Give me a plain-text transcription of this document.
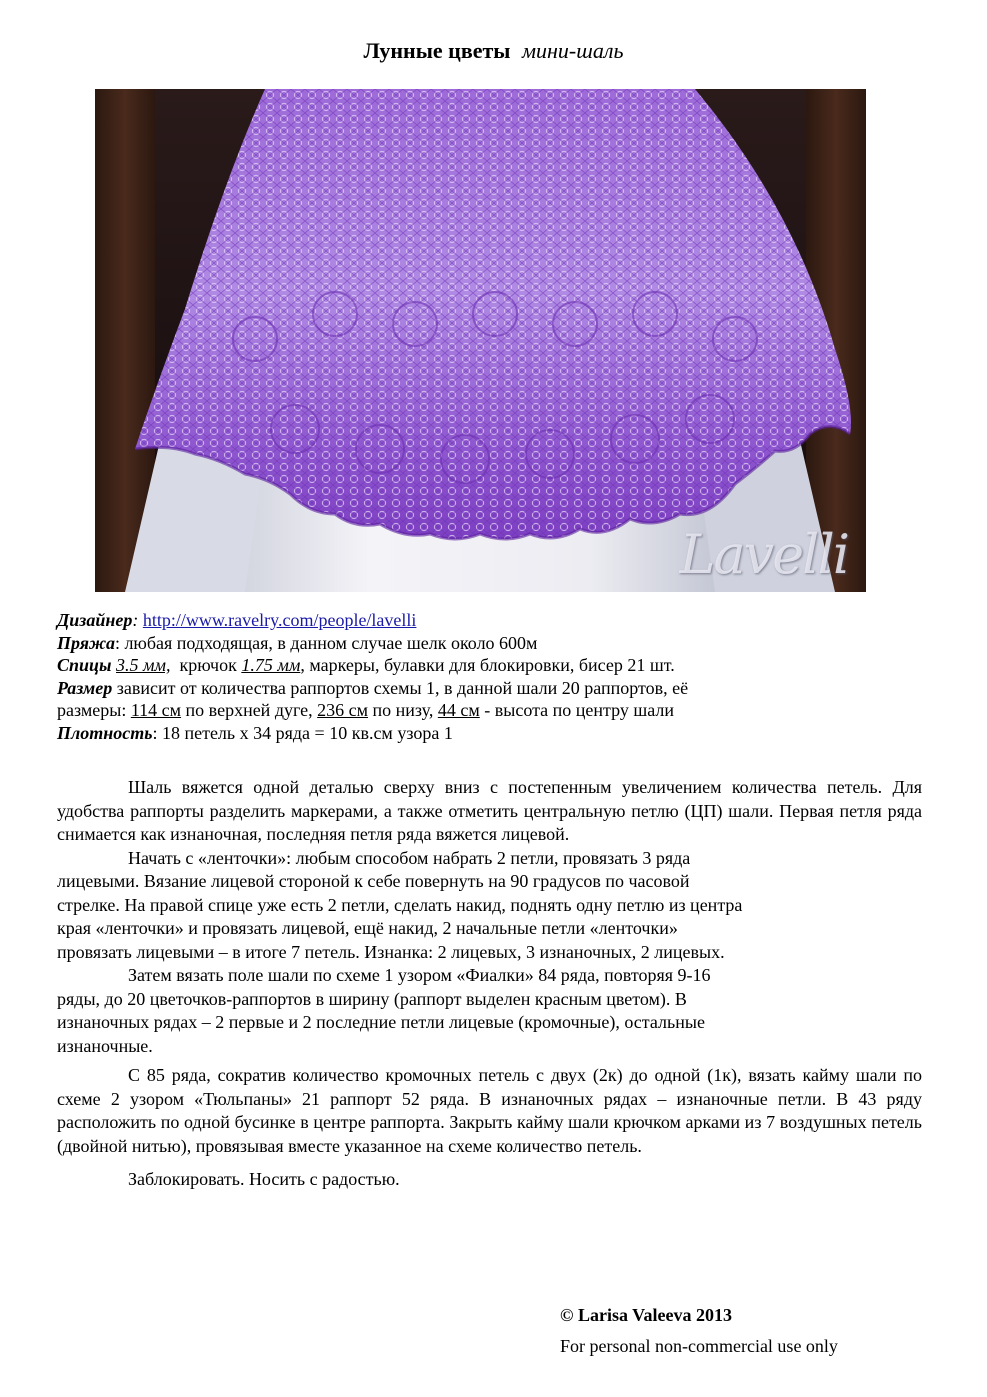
Лунные цветы мини-шаль
Lavelli
Дизайнер: http://www.ravelry.com/people/lavelli
Пряжа: любая подходящая, в данном случае шелк около 600м
Спицы 3.5 мм, крючок 1.75 мм, маркеры, булавки для блокировки, бисер 21 шт.
Размер зависит от количества раппортов схемы 1, в данной шали 20 раппортов, её
размеры: 114 см по верхней дуге, 236 см по низу, 44 см - высота по центру шали
Плотность: 18 петель х 34 ряда = 10 кв.см узора 1

Шаль вяжется одной деталью сверху вниз с постепенным увеличением количества петель. Для удобства раппорты разделить маркерами, а также отметить центральную петлю (ЦП) шали. Первая петля ряда снимается как изнаночная, последняя петля ряда вяжется лицевой.

Начать с «ленточки»: любым способом набрать 2 петли, провязать 3 ряда
лицевыми. Вязание лицевой стороной к себе повернуть на 90 градусов по часовой
стрелке. На правой спице уже есть 2 петли, сделать накид, поднять одну петлю из центра
края «ленточки» и провязать лицевой, ещё накид, 2 начальные петли «ленточки»
провязать лицевыми – в итоге 7 петель. Изнанка: 2 лицевых, 3 изнаночных, 2 лицевых.

Затем вязать поле шали по схеме 1 узором «Фиалки» 84 ряда, повторяя 9-16
ряды, до 20 цветочков-раппортов в ширину (раппорт выделен красным цветом). В
изнаночных рядах – 2 первые и 2 последние петли лицевые (кромочные), остальные
изнаночные.

С 85 ряда, сократив количество кромочных петель с двух (2к) до одной (1к), вязать кайму шали по схеме 2 узором «Тюльпаны» 21 раппорт 52 ряда. В изнаночных рядах – изнаночные петли. В 43 ряду расположить по одной бусинке в центре раппорта. Закрыть кайму шали крючком арками из 7 воздушных петель (двойной нитью), провязывая вместе указанное на схеме количество петель.

Заблокировать. Носить с радостью.

© Larisa Valeeva 2013
For personal non-commercial use only
